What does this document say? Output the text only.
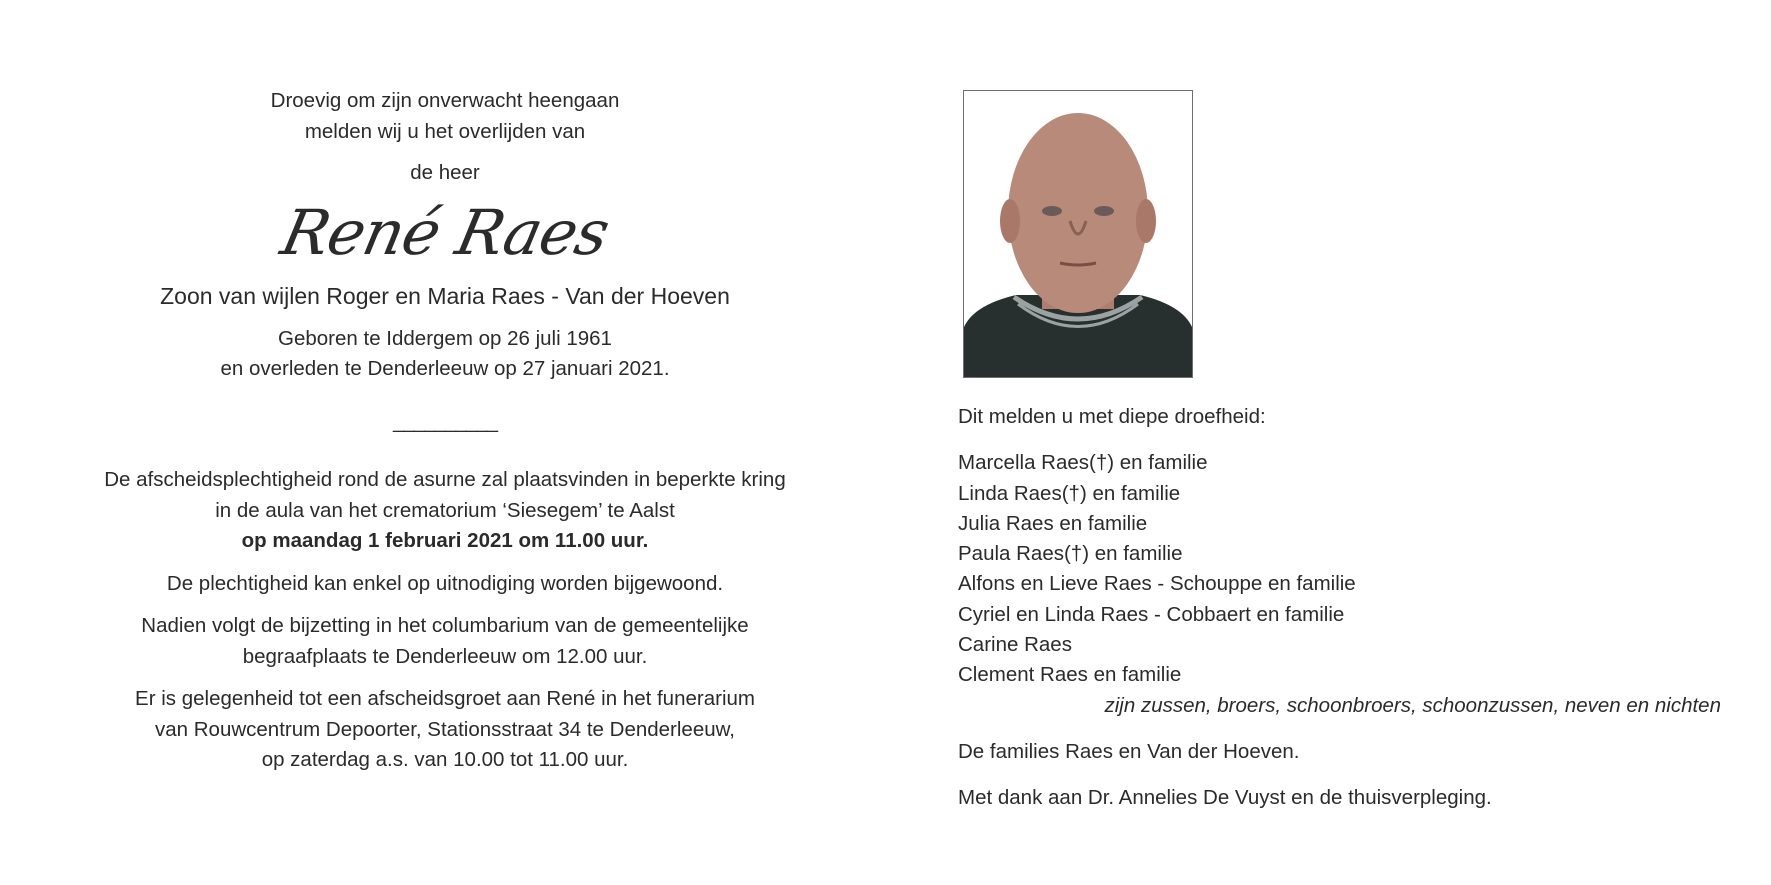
Droevig om zijn onverwacht heengaan

melden wij u het overlijden van

de heer

René Raes

Zoon van wijlen Roger en Maria Raes - Van der Hoeven

Geboren te Iddergem op 26 juli 1961

en overleden te Denderleeuw op 27 januari 2021.

__________

De afscheidsplechtigheid rond de asurne zal plaatsvinden in beperkte kring

in de aula van het crematorium ‘Siesegem’ te Aalst

op maandag 1 februari 2021 om 11.00 uur.

De plechtigheid kan enkel op uitnodiging worden bijgewoond.

Nadien volgt de bijzetting in het columbarium van de gemeentelijke

begraafplaats te Denderleeuw om 12.00 uur.

Er is gelegenheid tot een afscheidsgroet aan René in het funerarium

van Rouwcentrum Depoorter, Stationsstraat 34 te Denderleeuw,

op zaterdag a.s. van 10.00 tot 11.00 uur.

Dit melden u met diepe droefheid:

Marcella Raes(†) en familie
Linda Raes(†) en familie
Julia Raes en familie
Paula Raes(†) en familie
Alfons en Lieve Raes - Schouppe en familie
Cyriel en Linda Raes - Cobbaert en familie
Carine Raes
Clement Raes en familie

zijn zussen, broers, schoonbroers, schoonzussen, neven en nichten

De families Raes en Van der Hoeven.

Met dank aan Dr. Annelies De Vuyst en de thuisverpleging.
